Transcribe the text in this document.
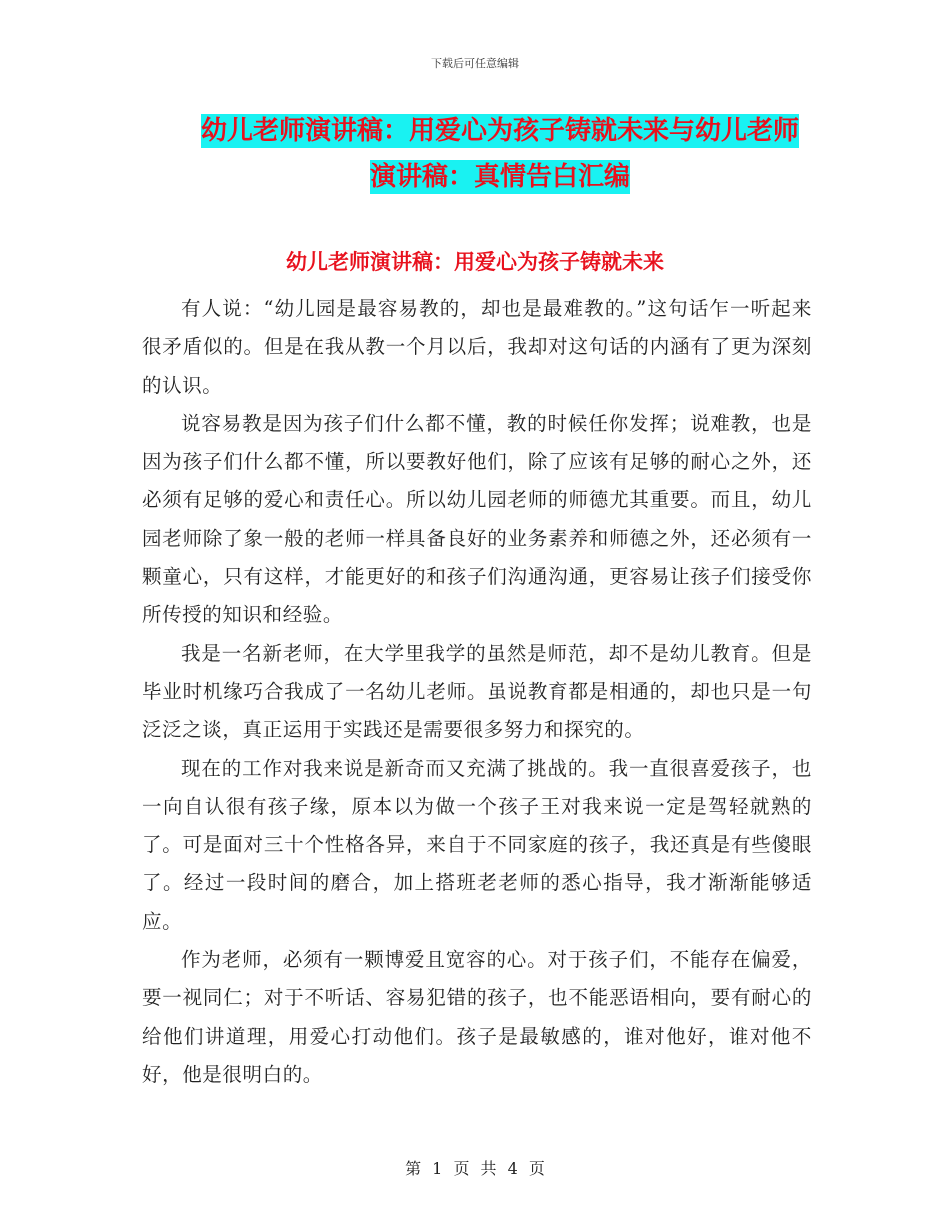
下载后可任意编辑
幼儿老师演讲稿：用爱心为孩子铸就未来与幼儿老师
演讲稿：真情告白汇编
幼儿老师演讲稿：用爱心为孩子铸就未来

有人说：“幼儿园是最容易教的，却也是最难教的。”这句话乍一听起来很矛盾似的。但是在我从教一个月以后，我却对这句话的内涵有了更为深刻的认识。

说容易教是因为孩子们什么都不懂，教的时候任你发挥；说难教，也是因为孩子们什么都不懂，所以要教好他们，除了应该有足够的耐心之外，还必须有足够的爱心和责任心。所以幼儿园老师的师德尤其重要。而且，幼儿园老师除了象一般的老师一样具备良好的业务素养和师德之外，还必须有一颗童心，只有这样，才能更好的和孩子们沟通沟通，更容易让孩子们接受你所传授的知识和经验。

我是一名新老师，在大学里我学的虽然是师范，却不是幼儿教育。但是毕业时机缘巧合我成了一名幼儿老师。虽说教育都是相通的，却也只是一句泛泛之谈，真正运用于实践还是需要很多努力和探究的。

现在的工作对我来说是新奇而又充满了挑战的。我一直很喜爱孩子，也一向自认很有孩子缘，原本以为做一个孩子王对我来说一定是驾轻就熟的了。可是面对三十个性格各异，来自于不同家庭的孩子，我还真是有些傻眼了。经过一段时间的磨合，加上搭班老老师的悉心指导，我才渐渐能够适应。

作为老师，必须有一颗博爱且宽容的心。对于孩子们，不能存在偏爱，要一视同仁；对于不听话、容易犯错的孩子，也不能恶语相向，要有耐心的给他们讲道理，用爱心打动他们。孩子是最敏感的，谁对他好，谁对他不好，他是很明白的。

第 1 页 共 4 页
